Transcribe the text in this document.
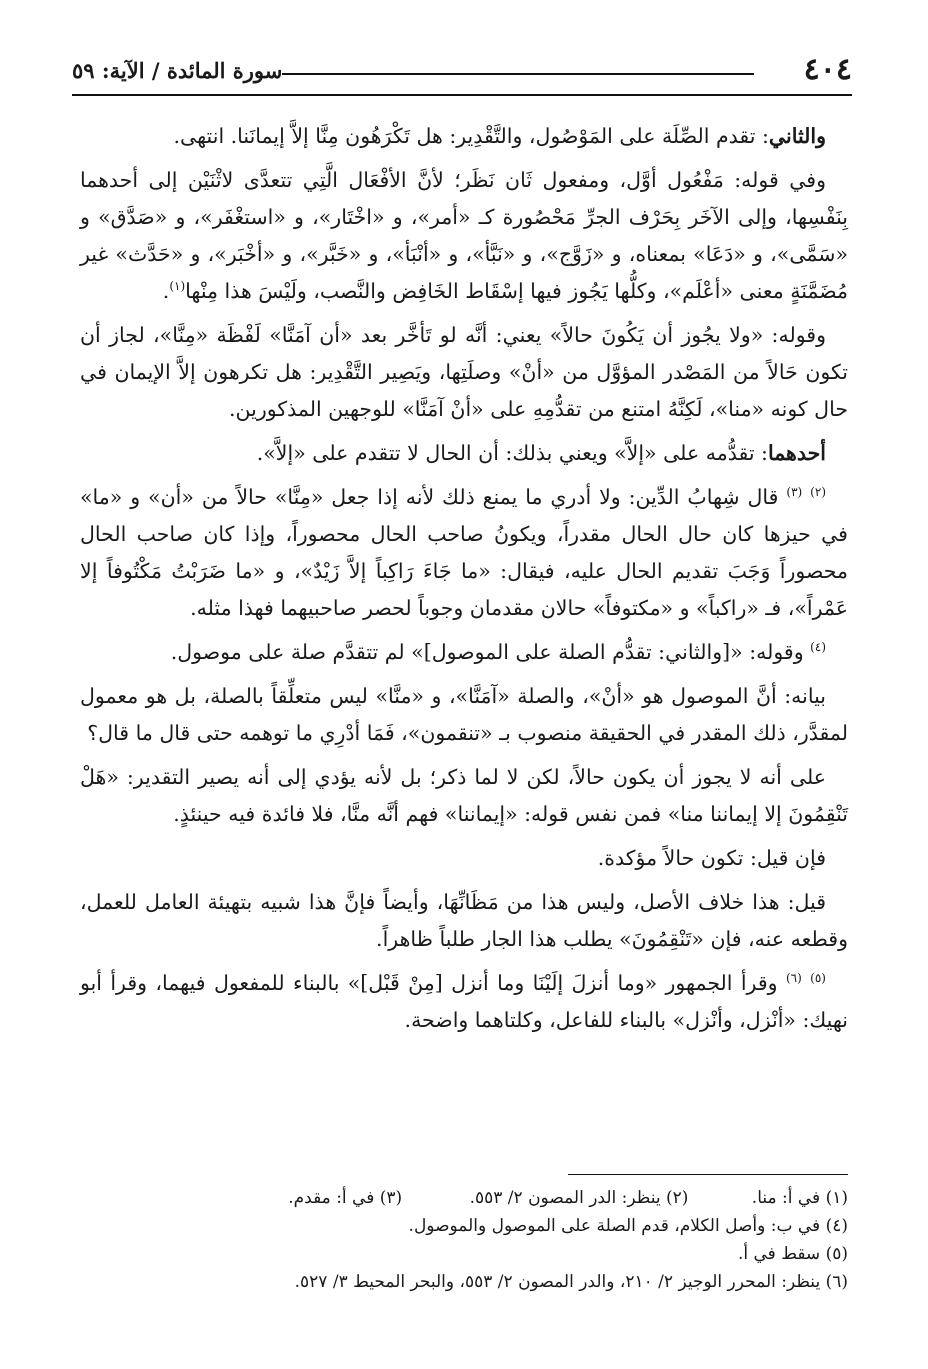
٤٠٤
سورة المائدة / الآية: ٥٩

والثاني: تقدم الصِّلَة على المَوْصُول، والتَّقْدِير: هل تَكْرَهُون مِنَّا إلاَّ إيمانَنا. انتهى.

وفي قوله: مَفْعُول أوَّل، ومفعول ثَان نَظَر؛ لأنَّ الأفْعَال الَّتِي تتعدَّى لاثْنَيْن إلى أحدهما بِنَفْسِها، وإلى الآخَر بِحَرْف الجرِّ مَحْصُورة كـ «أمر»، و «اخْتَار»، و «استغْفَر»، و «صَدَّق» و «سَمَّى»، و «دَعَا» بمعناه، و «زَوَّج»، و «نَبَّأ»، و «أنْبَأ»، و «خَبَّر»، و «أخْبَر»، و «حَدَّث» غير مُضَمَّنَةٍ معنى «أعْلَم»، وكلُّها يَجُوز فيها إسْقَاط الخَافِض والنَّصب، ولَيْسَ هذا مِنْها$^{(١)}$.

وقوله: «ولا يجُوز أن يَكُونَ حالاً» يعني: أنَّه لو تَأخَّر بعد «أن آمَنَّا» لَفْظَة «مِنَّا»، لجاز أن تكون حَالاً من المَصْدر المؤوَّل من «أنْ» وصلَتِها، ويَصِير التَّقْدِير: هل تكرهون إلاَّ الإيمان في حال كونه «منا»، لَكِنَّهُ امتنع من تقدُّمِهِ على «أنْ آمَنَّا» للوجهين المذكورين.

أحدهما: تقدُّمه على «إلاَّ» ويعني بذلك: أن الحال لا تتقدم على «إلاَّ».

$^{(٢)}$ $^{(٣)}$ قال شِهابُ الدِّين: ولا أدري ما يمنع ذلك لأنه إذا جعل «مِنَّا» حالاً من «أن» و «ما» في حيزها كان حال الحال مقدراً، ويكونُ صاحب الحال محصوراً، وإذا كان صاحب الحال محصوراً وَجَبَ تقديم الحال عليه، فيقال: «ما جَاءَ رَاكِباً إلاَّ زَيْدٌ»، و «ما ضَرَبْتُ مَكْتُوفاً إلا عَمْراً»، فـ «راكباً» و «مكتوفاً» حالان مقدمان وجوباً لحصر صاحبيهما فهذا مثله.

$^{(٤)}$ وقوله: «[والثاني: تقدُّم الصلة على الموصول]» لم تتقدَّم صلة على موصول.

بيانه: أنَّ الموصول هو «أنْ»، والصلة «آمَنَّا»، و «منَّا» ليس متعلِّقاً بالصلة، بل هو معمول لمقدَّر، ذلك المقدر في الحقيقة منصوب بـ «تنقمون»، فَمَا أدْرِي ما توهمه حتى قال ما قال؟

على أنه لا يجوز أن يكون حالاً، لكن لا لما ذكر؛ بل لأنه يؤدي إلى أنه يصير التقدير: «هَلْ تَنْقِمُونَ إلا إيماننا منا» فمن نفس قوله: «إيماننا» فهم أنَّه منَّا، فلا فائدة فيه حينئذٍ.

فإن قيل: تكون حالاً مؤكدة.

قيل: هذا خلاف الأصل، وليس هذا من مَظَانِّهَا، وأيضاً فإنَّ هذا شبيه بتهيئة العامل للعمل، وقطعه عنه، فإن «تَنْقِمُونَ» يطلب هذا الجار طلباً ظاهراً.

$^{(٥)}$ $^{(٦)}$ وقرأ الجمهور «وما أنزلَ إلَيْنَا وما أنزل [مِنْ قَبْل]» بالبناء للمفعول فيهما، وقرأ أبو نهيك: «أنْزل، وأنْزل» بالبناء للفاعل، وكلتاهما واضحة.

(١) في أ: منا. (٢) ينظر: الدر المصون ٢/ ٥٥٣. (٣) في أ: مقدم.
(٤) في ب: وأصل الكلام، قدم الصلة على الموصول والموصول.
(٥) سقط في أ.
(٦) ينظر: المحرر الوجيز ٢/ ٢١٠، والدر المصون ٢/ ٥٥٣، والبحر المحيط ٣/ ٥٢٧.
